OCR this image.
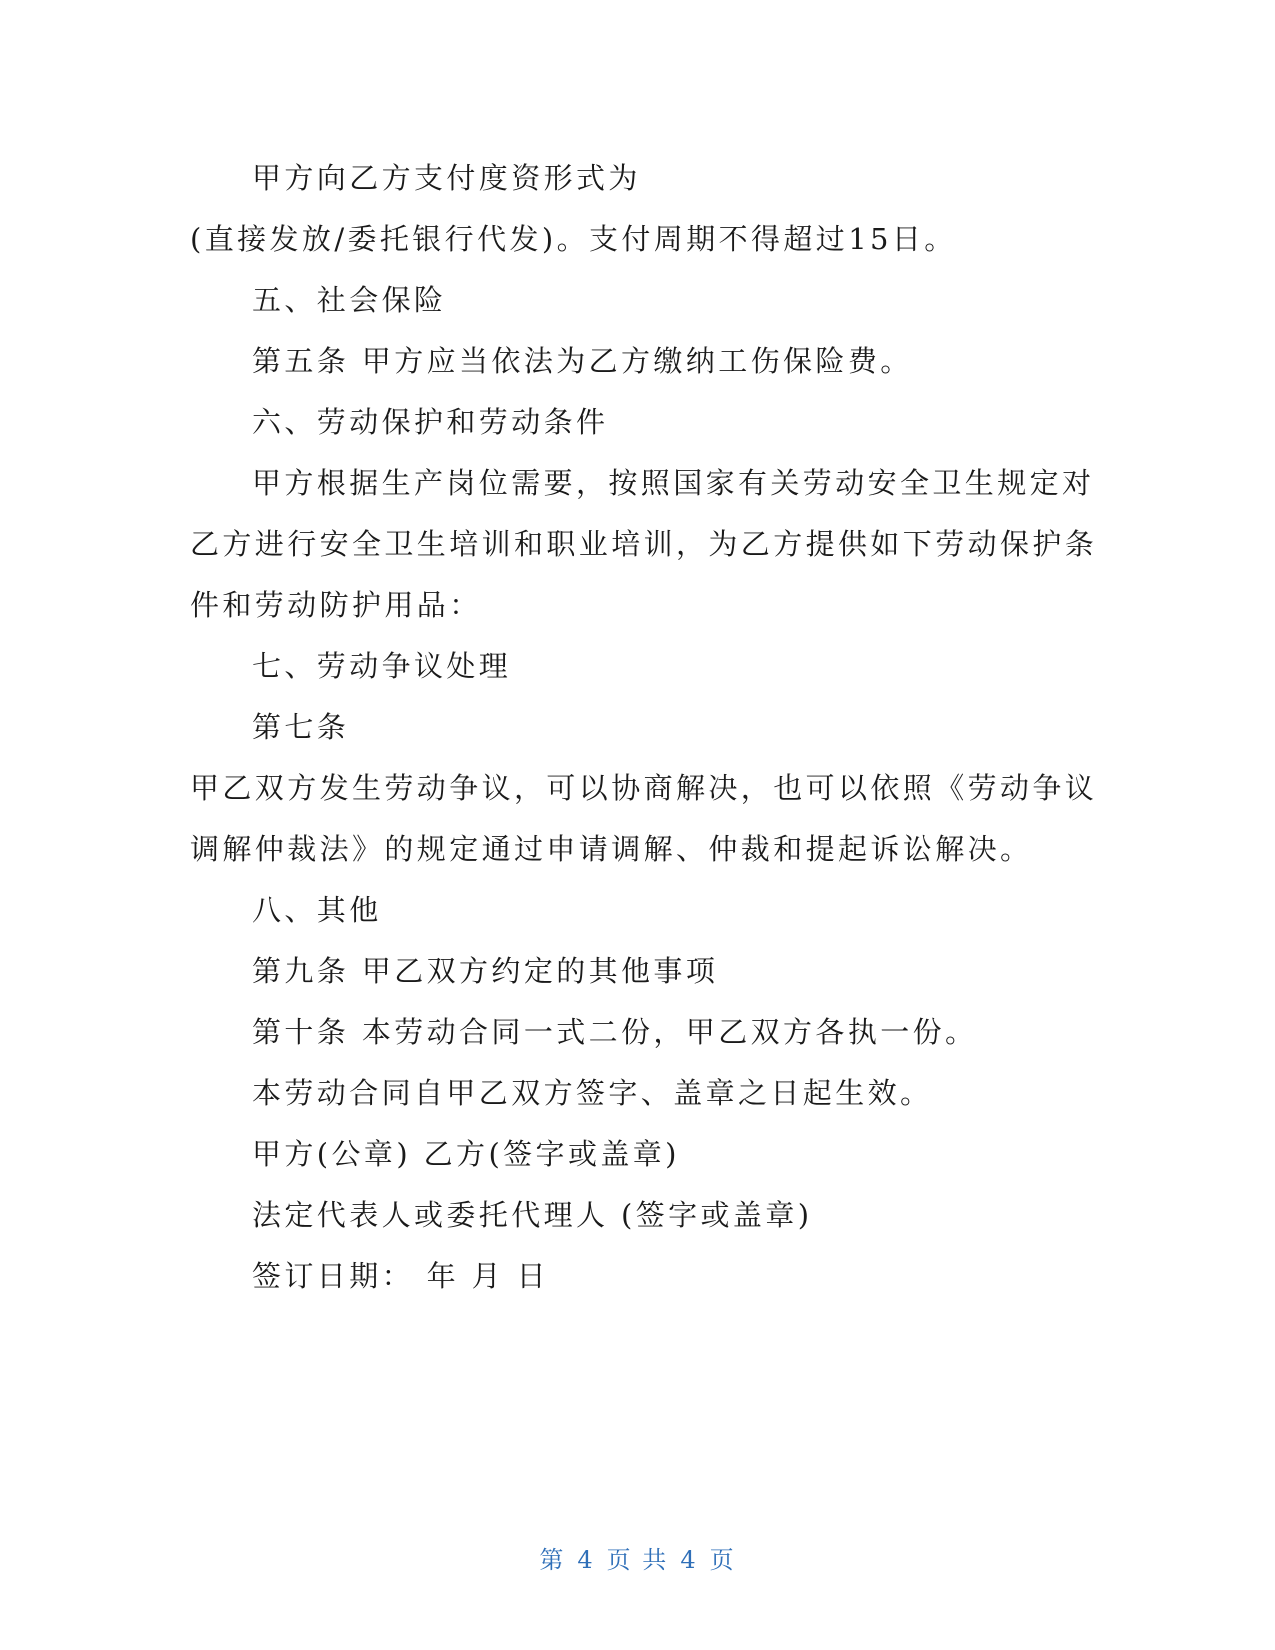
甲方向乙方支付度资形式为

(直接发放/委托银行代发)。支付周期不得超过15日。

五、社会保险

第五条 甲方应当依法为乙方缴纳工伤保险费。

六、劳动保护和劳动条件

甲方根据生产岗位需要，按照国家有关劳动安全卫生规定对

乙方进行安全卫生培训和职业培训，为乙方提供如下劳动保护条

件和劳动防护用品：

七、劳动争议处理

第七条

甲乙双方发生劳动争议，可以协商解决，也可以依照《劳动争议

调解仲裁法》的规定通过申请调解、仲裁和提起诉讼解决。

八、其他

第九条 甲乙双方约定的其他事项

第十条 本劳动合同一式二份，甲乙双方各执一份。

本劳动合同自甲乙双方签字、盖章之日起生效。

甲方(公章) 乙方(签字或盖章)

法定代表人或委托代理人 (签字或盖章)

签订日期： 年 月 日

第 4 页 共 4 页
